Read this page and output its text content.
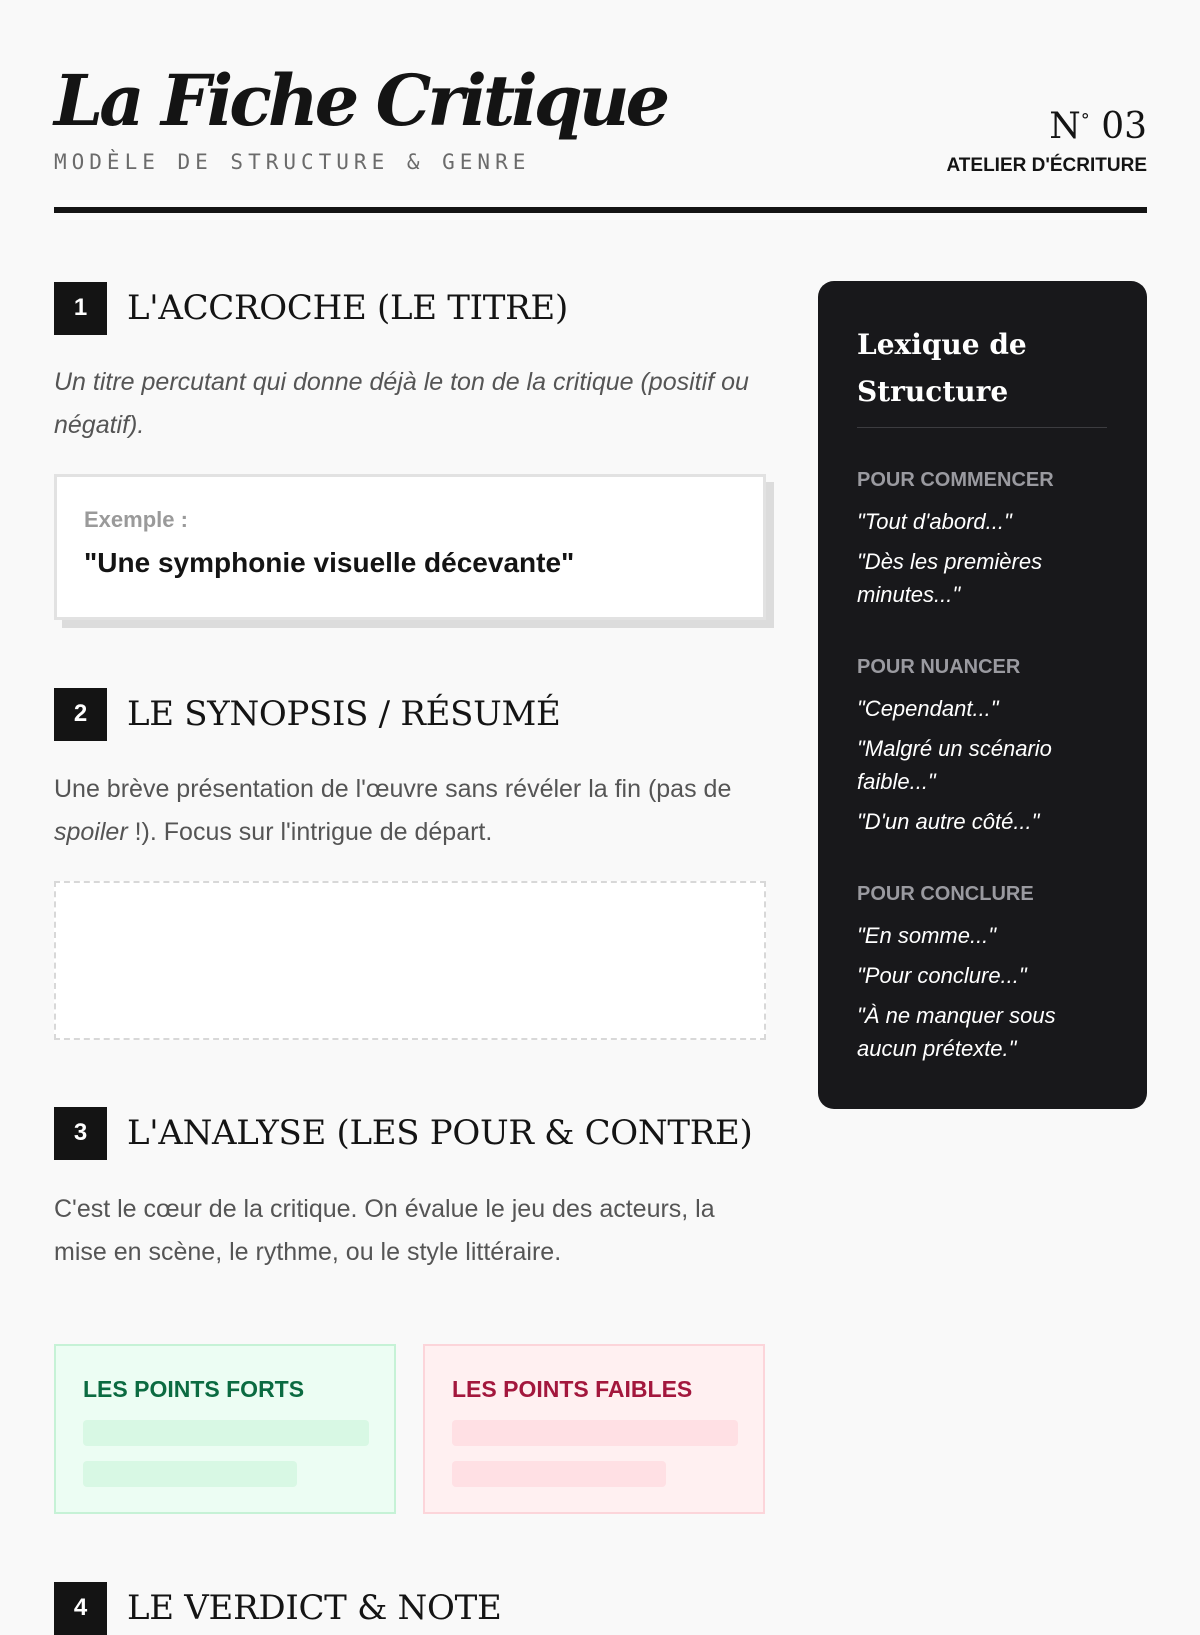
La Fiche Critique
MODÈLE DE STRUCTURE & GENRE
N° 03
ATELIER D'ÉCRITURE
1	L'ACCROCHE (LE TITRE)
Un titre percutant qui donne déjà le ton de la critique (positif ou négatif).
Exemple :
"Une symphonie visuelle décevante"
2	LE SYNOPSIS / RÉSUMÉ
Une brève présentation de l'œuvre sans révéler la fin (pas de spoiler !). Focus sur l'intrigue de départ.
3	L'ANALYSE (LES POUR & CONTRE)
C'est le cœur de la critique. On évalue le jeu des acteurs, la mise en scène, le rythme, ou le style littéraire.
LES POINTS FORTS	LES POINTS FAIBLES
4	LE VERDICT & NOTE
Lexique de Structure
POUR COMMENCER
"Tout d'abord..."
"Dès les premières minutes..."
POUR NUANCER
"Cependant..."
"Malgré un scénario faible..."
"D'un autre côté..."
POUR CONCLURE
"En somme..."
"Pour conclure..."
"À ne manquer sous aucun prétexte."
